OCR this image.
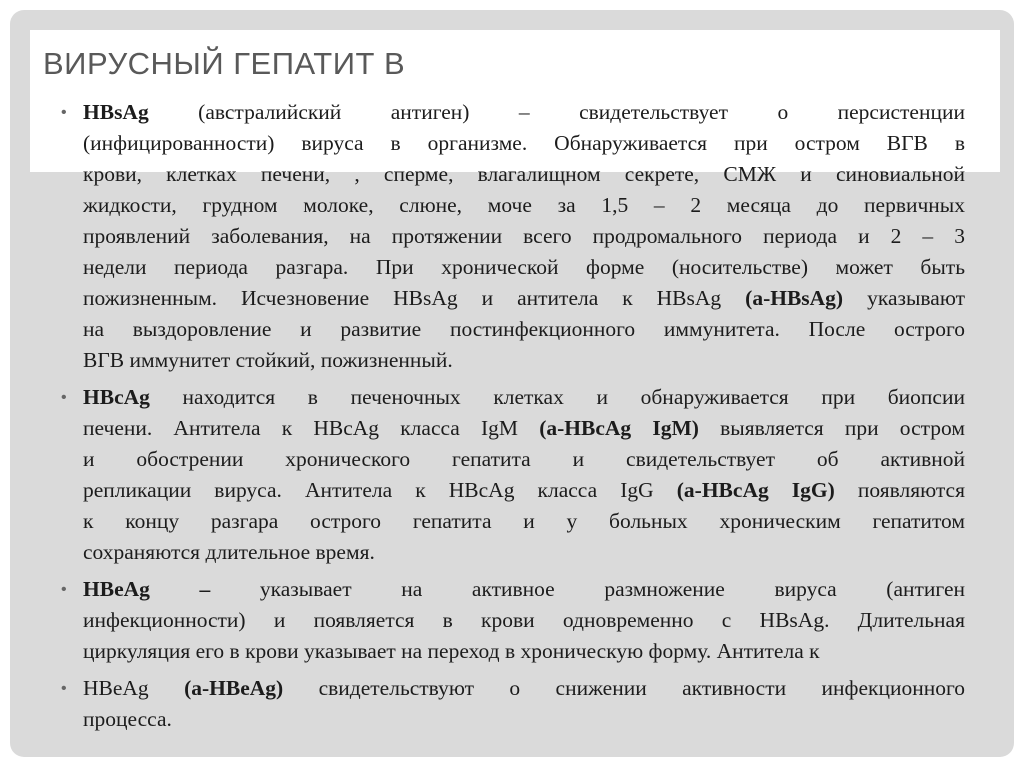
ВИРУСНЫЙ ГЕПАТИТ В
• HBsAg (австралийский антиген) – свидетельствует о персистенции
(инфицированности) вируса в организме. Обнаруживается при остром ВГВ в
крови, клетках печени, , сперме, влагалищном секрете, СМЖ и синовиальной
жидкости, грудном молоке, слюне, моче за 1,5 – 2 месяца до первичных
проявлений заболевания, на протяжении всего продромального периода и 2 – 3
недели периода разгара. При хронической форме (носительстве) может быть
пожизненным. Исчезновение HBsAg и антитела к HBsAg (a-HBsAg) указывают
на выздоровление и развитие постинфекционного иммунитета. После острого
ВГВ иммунитет стойкий, пожизненный.
• HBcAg находится в печеночных клетках и обнаруживается при биопсии
печени. Антитела к HBcAg класса IgM (a-HBcAg IgM) выявляется при остром
и обострении хронического гепатита и свидетельствует об активной
репликации вируса. Антитела к HBcAg класса IgG (a-HBcAg IgG) появляются
к концу разгара острого гепатита и у больных хроническим гепатитом
сохраняются длительное время.
• HBeAg – указывает на активное размножение вируса (антиген
инфекционности) и появляется в крови одновременно с HBsAg. Длительная
циркуляция его в крови указывает на переход в хроническую форму. Антитела к
• HBeAg (a-HBeAg) свидетельствуют о снижении активности инфекционного
процесса.
